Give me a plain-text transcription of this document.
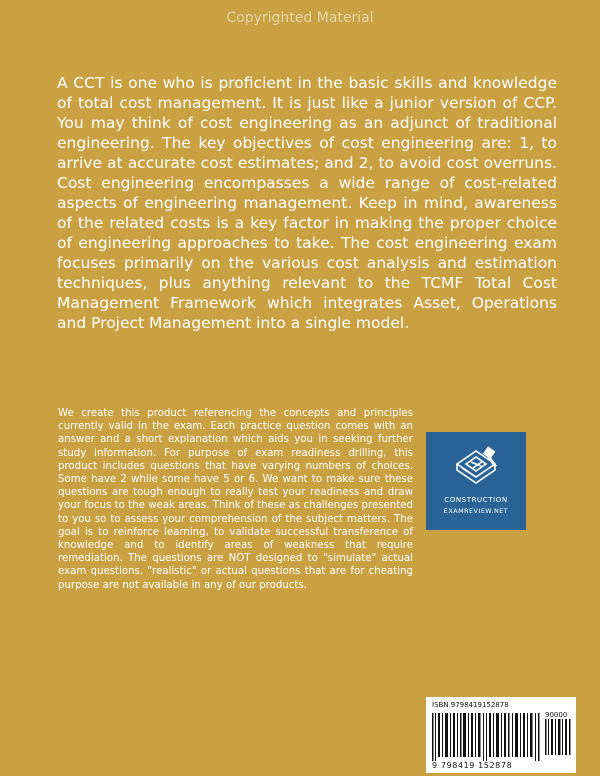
Copyrighted Material
A CCT is one who is proficient in the basic skills and knowledge of total cost management. It is just like a junior version of CCP. You may think of cost engineering as an adjunct of traditional engineering. The key objectives of cost engineering are: 1, to arrive at accurate cost estimates; and 2, to avoid cost overruns. Cost engineering encompasses a wide range of cost-related aspects of engineering management. Keep in mind, awareness of the related costs is a key factor in making the proper choice of engineering approaches to take. The cost engineering exam focuses primarily on the various cost analysis and estimation techniques, plus anything relevant to the TCMF Total Cost Management Framework which integrates Asset, Operations and Project Management into a single model.
We create this product referencing the concepts and principles currently valid in the exam. Each practice question comes with an answer and a short explanation which aids you in seeking further study information. For purpose of exam readiness drilling, this product includes questions that have varying numbers of choices. Some have 2 while some have 5 or 6. We want to make sure these questions are tough enough to really test your readiness and draw your focus to the weak areas. Think of these as challenges presented to you so to assess your comprehension of the subject matters. The goal is to reinforce learning, to validate successful transference of knowledge and to identify areas of weakness that require remediation. The questions are NOT designed to "simulate" actual exam questions. "realistic" or actual questions that are for cheating purpose are not available in any of our products.
CONSTRUCTION
EXAMREVIEW.NET
ISBN 9798419152878
90000
9 798419 152878
